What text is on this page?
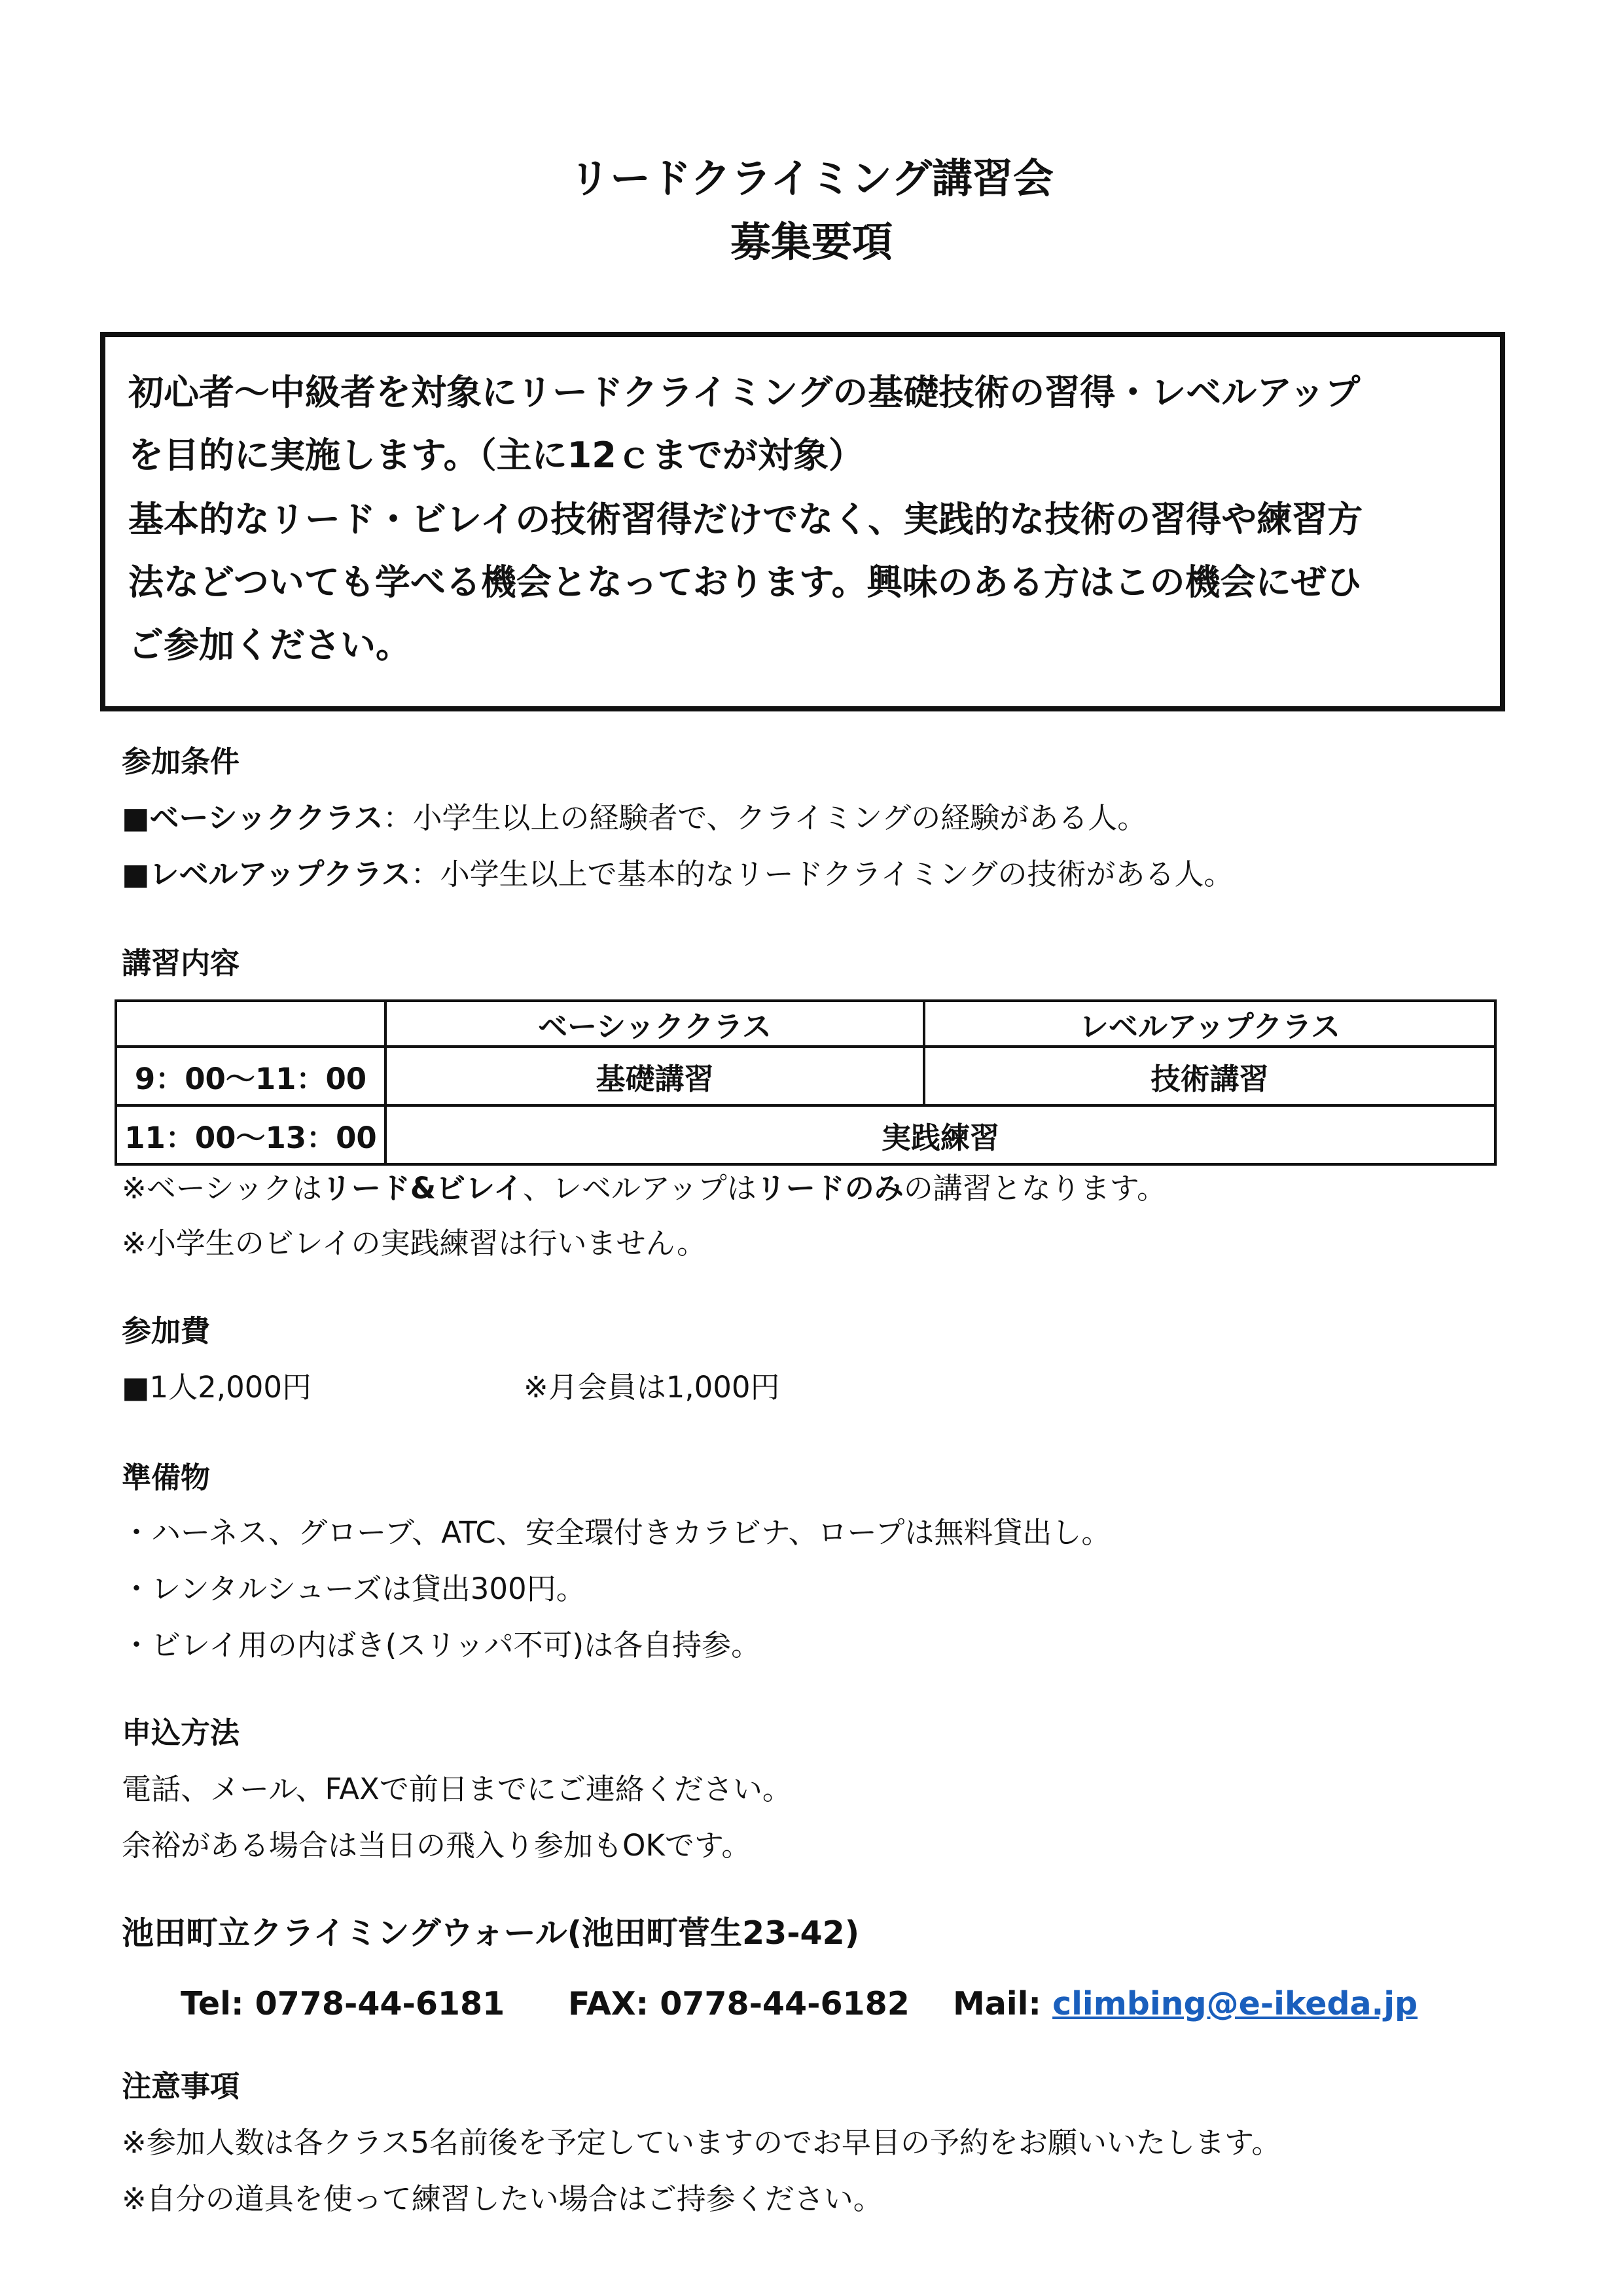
リードクライミング講習会
募集要項
初心者〜中級者を対象にリードクライミングの基礎技術の習得・レベルアップ
を目的に実施します。（主に12ｃまでが対象）
基本的なリード・ビレイの技術習得だけでなく、実践的な技術の習得や練習方
法などついても学べる機会となっております。興味のある方はこの機会にぜひ
ご参加ください。
参加条件
■ベーシッククラス：小学生以上の経験者で、クライミングの経験がある人。
■レベルアップクラス：小学生以上で基本的なリードクライミングの技術がある人。
講習内容
	ベーシッククラス	レベルアップクラス
9：00〜11：00	基礎講習	技術講習
11：00〜13：00	実践練習	
※ベーシックはリード&ビレイ、レベルアップはリードのみの講習となります。
※小学生のビレイの実践練習は行いません。
参加費
■1人2,000円	※月会員は1,000円
準備物
・ハーネス、グローブ、ATC、安全環付きカラビナ、ロープは無料貸出し。
・レンタルシューズは貸出300円。
・ビレイ用の内ばき(スリッパ不可)は各自持参。
申込方法
電話、メール、FAXで前日までにご連絡ください。
余裕がある場合は当日の飛入り参加もOKです。
池田町立クライミングウォール(池田町菅生23-42)
Tel: 0778-44-6181 FAX: 0778-44-6182 Mail: climbing@e-ikeda.jp
注意事項
※参加人数は各クラス5名前後を予定していますのでお早目の予約をお願いいたします。
※自分の道具を使って練習したい場合はご持参ください。
